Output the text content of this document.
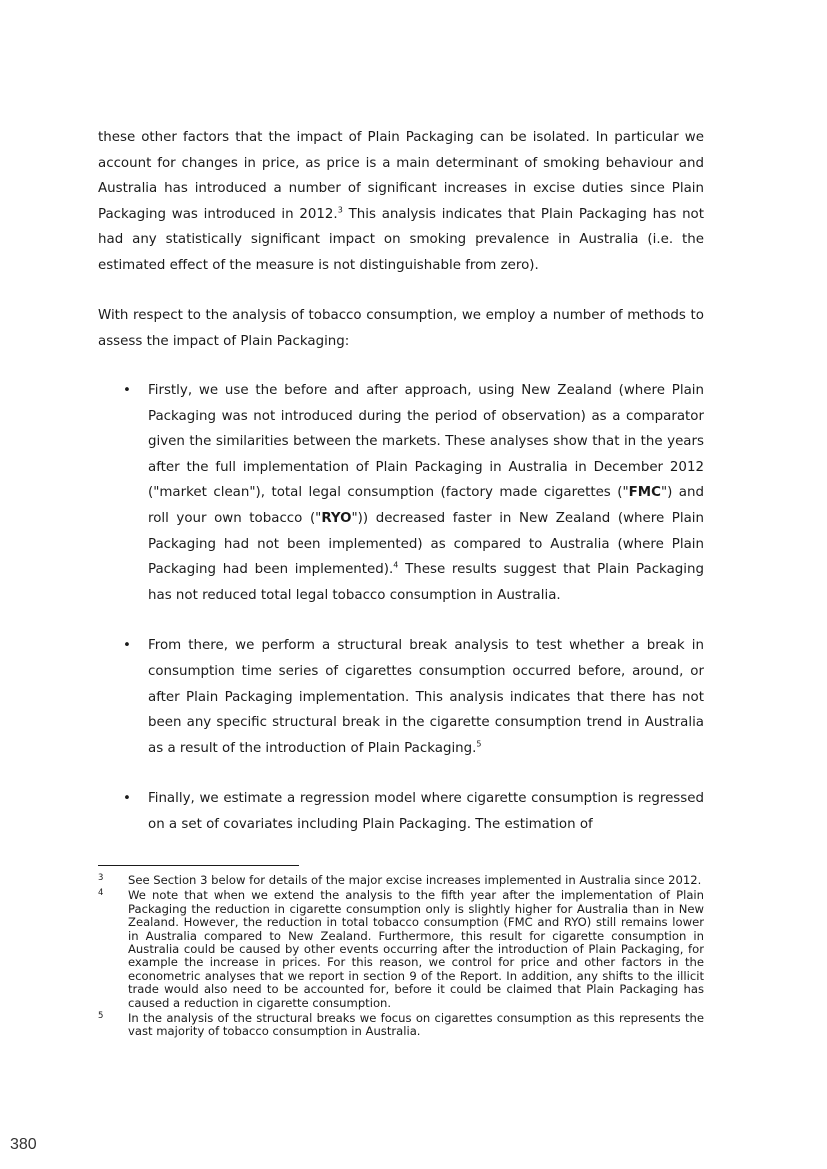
these other factors that the impact of Plain Packaging can be isolated. In particular we account for changes in price, as price is a main determinant of smoking behaviour and Australia has introduced a number of significant increases in excise duties since Plain Packaging was introduced in 2012.$^3$ This analysis indicates that Plain Packaging has not had any statistically significant impact on smoking prevalence in Australia (i.e. the estimated effect of the measure is not distinguishable from zero).

With respect to the analysis of tobacco consumption, we employ a number of methods to assess the impact of Plain Packaging:

• Firstly, we use the before and after approach, using New Zealand (where Plain Packaging was not introduced during the period of observation) as a comparator given the similarities between the markets. These analyses show that in the years after the full implementation of Plain Packaging in Australia in December 2012 ("market clean"), total legal consumption (factory made cigarettes ("FMC") and roll your own tobacco ("RYO")) decreased faster in New Zealand (where Plain Packaging had not been implemented) as compared to Australia (where Plain Packaging had been implemented).$^4$ These results suggest that Plain Packaging has not reduced total legal tobacco consumption in Australia.
• From there, we perform a structural break analysis to test whether a break in consumption time series of cigarettes consumption occurred before, around, or after Plain Packaging implementation. This analysis indicates that there has not been any specific structural break in the cigarette consumption trend in Australia as a result of the introduction of Plain Packaging.$^5$
• Finally, we estimate a regression model where cigarette consumption is regressed on a set of covariates including Plain Packaging. The estimation of
3 See Section 3 below for details of the major excise increases implemented in Australia since 2012.
4 We note that when we extend the analysis to the fifth year after the implementation of Plain Packaging the reduction in cigarette consumption only is slightly higher for Australia than in New Zealand. However, the reduction in total tobacco consumption (FMC and RYO) still remains lower in Australia compared to New Zealand. Furthermore, this result for cigarette consumption in Australia could be caused by other events occurring after the introduction of Plain Packaging, for example the increase in prices. For this reason, we control for price and other factors in the econometric analyses that we report in section 9 of the Report. In addition, any shifts to the illicit trade would also need to be accounted for, before it could be claimed that Plain Packaging has caused a reduction in cigarette consumption.
5 In the analysis of the structural breaks we focus on cigarettes consumption as this represents the vast majority of tobacco consumption in Australia.
380
